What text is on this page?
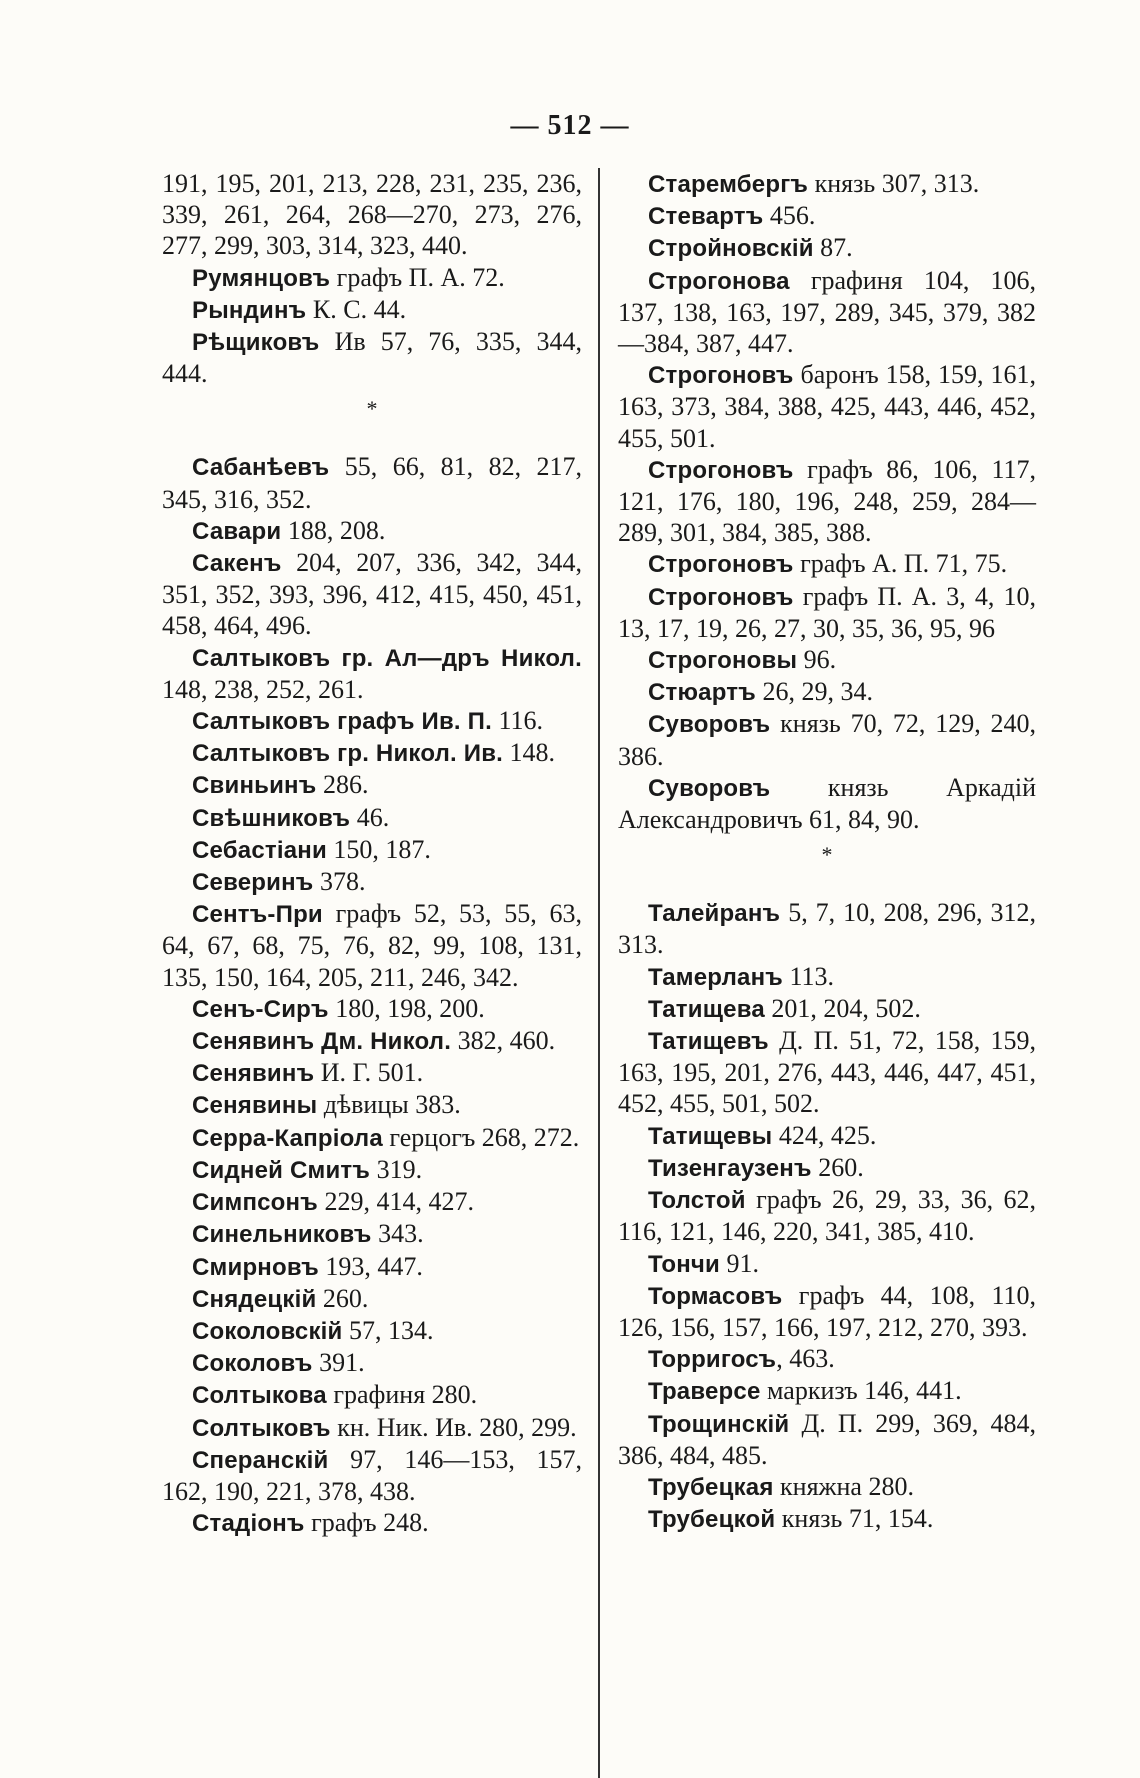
— 512 —

191, 195, 201, 213, 228, 231, 235, 236, 339, 261, 264, 268—270, 273, 276, 277, 299, 303, 314, 323, 440.

Румянцовъ графъ П. А. 72.

Рындинъ К. С. 44.

Рѣщиковъ Ив 57, 76, 335, 344, 444.

*

Сабанѣевъ 55, 66, 81, 82, 217, 345, 316, 352.

Савари 188, 208.

Сакенъ 204, 207, 336, 342, 344, 351, 352, 393, 396, 412, 415, 450, 451, 458, 464, 496.

Салтыковъ гр. Ал—дръ Никол. 148, 238, 252, 261.

Салтыковъ графъ Ив. П. 116.

Салтыковъ гр. Никол. Ив. 148.

Свиньинъ 286.

Свѣшниковъ 46.

Себастіани 150, 187.

Северинъ 378.

Сентъ-При графъ 52, 53, 55, 63, 64, 67, 68, 75, 76, 82, 99, 108, 131, 135, 150, 164, 205, 211, 246, 342.

Сенъ-Сиръ 180, 198, 200.

Сенявинъ Дм. Никол. 382, 460.

Сенявинъ И. Г. 501.

Сенявины дѣвицы 383.

Серра-Капріола герцогъ 268, 272.

Сидней Смитъ 319.

Симпсонъ 229, 414, 427.

Синельниковъ 343.

Смирновъ 193, 447.

Снядецкій 260.

Соколовскій 57, 134.

Соколовъ 391.

Солтыкова графиня 280.

Солтыковъ кн. Ник. Ив. 280, 299.

Сперанскій 97, 146—153, 157, 162, 190, 221, 378, 438.

Стадіонъ графъ 248.

Старембергъ князь 307, 313.

Стевартъ 456.

Стройновскій 87.

Строгонова графиня 104, 106, 137, 138, 163, 197, 289, 345, 379, 382—384, 387, 447.

Строгоновъ баронъ 158, 159, 161, 163, 373, 384, 388, 425, 443, 446, 452, 455, 501.

Строгоновъ графъ 86, 106, 117, 121, 176, 180, 196, 248, 259, 284—289, 301, 384, 385, 388.

Строгоновъ графъ А. П. 71, 75.

Строгоновъ графъ П. А. 3, 4, 10, 13, 17, 19, 26, 27, 30, 35, 36, 95, 96

Строгоновы 96.

Стюартъ 26, 29, 34.

Суворовъ князь 70, 72, 129, 240, 386.

Суворовъ князь Аркадій Александровичъ 61, 84, 90.

*

Талейранъ 5, 7, 10, 208, 296, 312, 313.

Тамерланъ 113.

Татищева 201, 204, 502.

Татищевъ Д. П. 51, 72, 158, 159, 163, 195, 201, 276, 443, 446, 447, 451, 452, 455, 501, 502.

Татищевы 424, 425.

Тизенгаузенъ 260.

Толстой графъ 26, 29, 33, 36, 62, 116, 121, 146, 220, 341, 385, 410.

Тончи 91.

Тормасовъ графъ 44, 108, 110, 126, 156, 157, 166, 197, 212, 270, 393.

Торригосъ, 463.

Траверсе маркизъ 146, 441.

Трощинскій Д. П. 299, 369, 484, 386, 484, 485.

Трубецкая княжна 280.

Трубецкой князь 71, 154.
